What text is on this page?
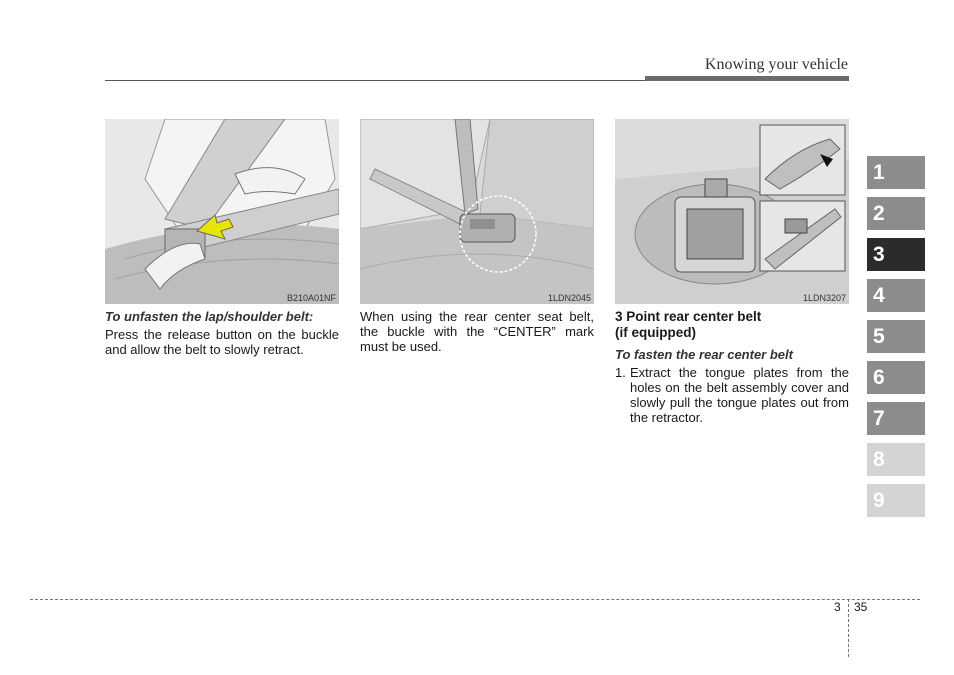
Knowing your vehicle
B210A01NF	1LDN2045	1LDN3207
To unfasten the lap/shoulder belt:
Press the release button on the buckle and allow the belt to slowly retract.
When using the rear center seat belt, the buckle with the “CENTER” mark must be used.
3 Point rear center belt
(if equipped)
To fasten the rear center belt
1. Extract the tongue plates from the holes on the belt assembly cover and slowly pull the tongue plates out from the retractor.
1
2
3
4
5
6
7
8
9
3 35
